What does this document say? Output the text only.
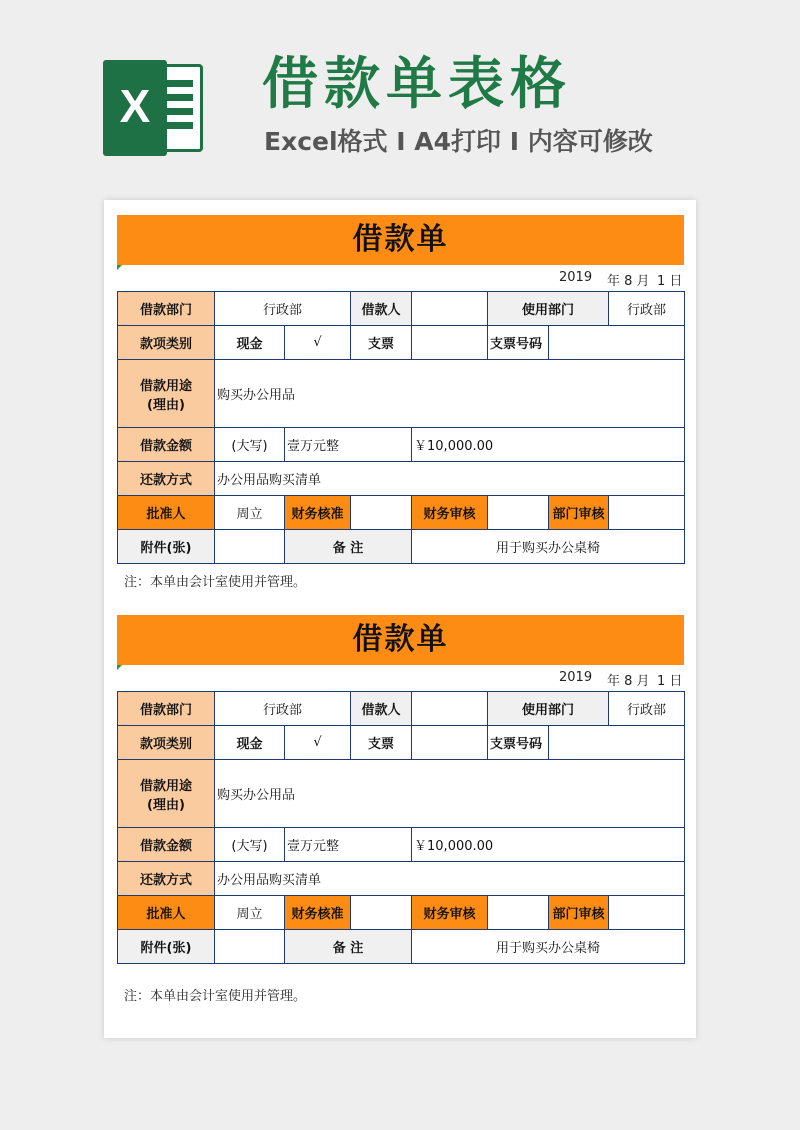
X 借款单表格
Excel格式 I A4打印 I 内容可修改
借款单
2019 年 8 月 1 日
借款部门	行政部		借款人		使用部门		行政部
款项类别	现金	√	支票		支票号码		

借款用途
(理由)	购买办公用品						
借款金额	(大写)	壹万元整		￥10,000.00			
还款方式	办公用品购买清单						
批准人	周立	财务核准		财务审核		部门审核	
附件(张)		备 注		用于购买办公桌椅			
注：本单由会计室使用并管理。
借款单
2019 年 8 月 1 日
借款部门	行政部		借款人		使用部门		行政部
款项类别	现金	√	支票		支票号码		

借款用途
(理由)	购买办公用品						
借款金额	(大写)	壹万元整		￥10,000.00			
还款方式	办公用品购买清单						
批准人	周立	财务核准		财务审核		部门审核	
附件(张)		备 注		用于购买办公桌椅			
注：本单由会计室使用并管理。
